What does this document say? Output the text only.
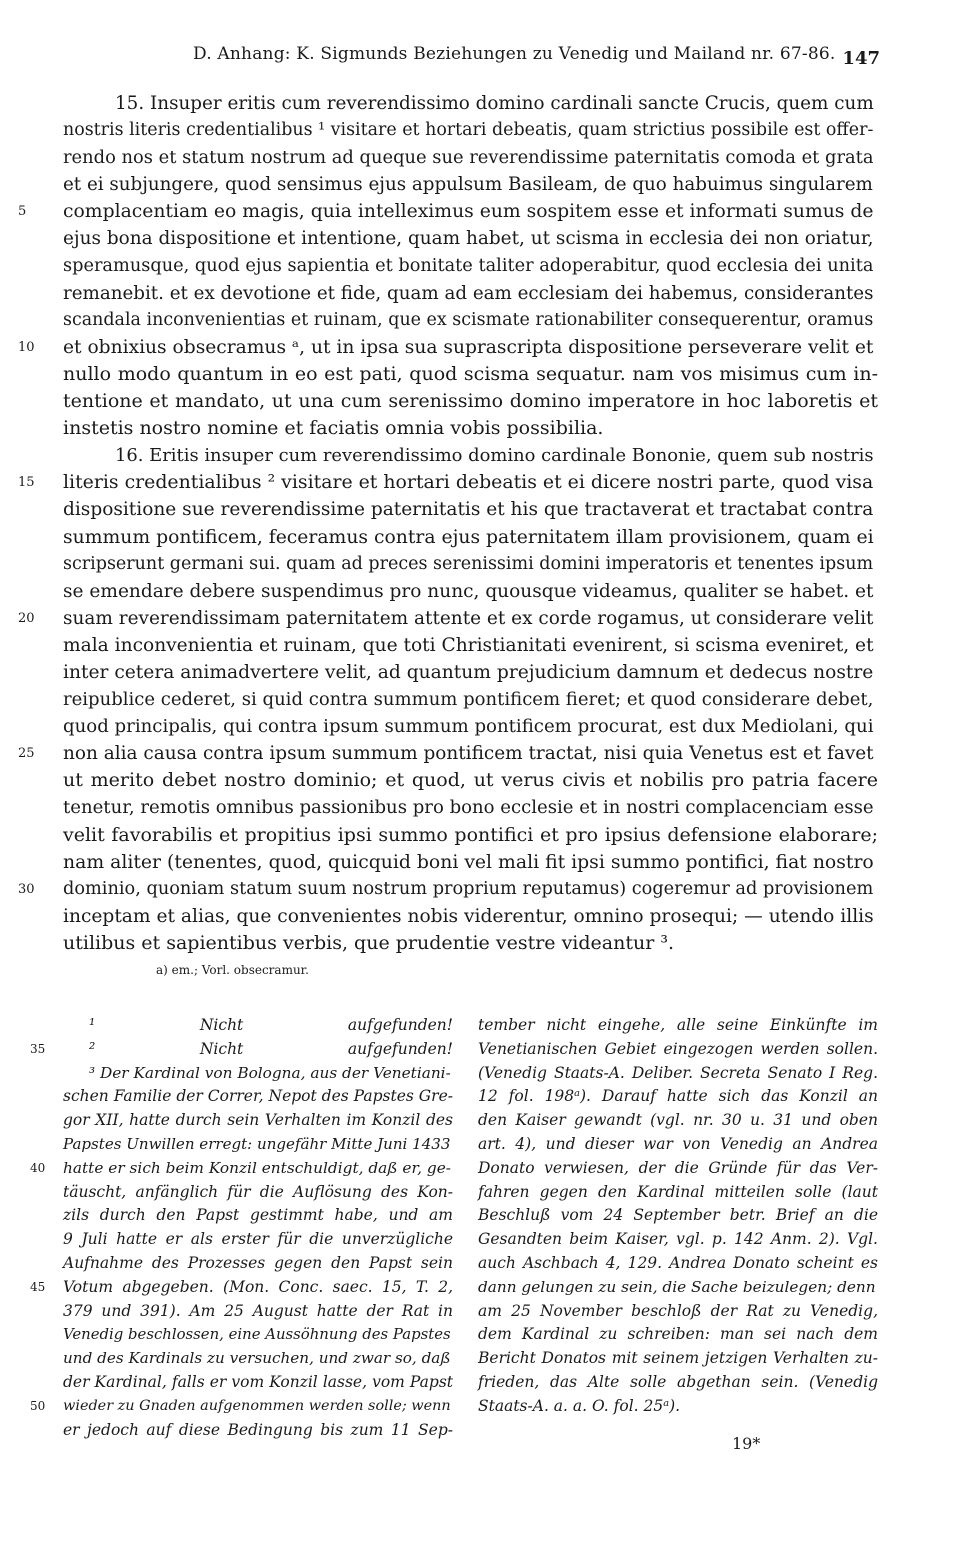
D. Anhang: K. Sigmunds Beziehungen zu Venedig und Mailand nr. 67-86. 147
15. Insuper eritis cum reverendissimo domino cardinali sancte Crucis, quem cum
nostris literis credentialibus ¹ visitare et hortari debeatis, quam strictius possibile est offer-
rendo nos et statum nostrum ad queque sue reverendissime paternitatis comoda et grata
et ei subjungere, quod sensimus ejus appulsum Basileam, de quo habuimus singularem
5	complacentiam eo magis, quia intelleximus eum sospitem esse et informati sumus de
ejus bona dispositione et intentione, quam habet, ut scisma in ecclesia dei non oriatur,
speramusque, quod ejus sapientia et bonitate taliter adoperabitur, quod ecclesia dei unita
remanebit. et ex devotione et fide, quam ad eam ecclesiam dei habemus, considerantes
scandala inconvenientias et ruinam, que ex scismate rationabiliter consequerentur, oramus
10	et obnixius obsecramus ᵃ, ut in ipsa sua suprascripta dispositione perseverare velit et
nullo modo quantum in eo est pati, quod scisma sequatur. nam vos misimus cum in-
tentione et mandato, ut una cum serenissimo domino imperatore in hoc laboretis et
instetis nostro nomine et faciatis omnia vobis possibilia.
16. Eritis insuper cum reverendissimo domino cardinale Bononie, quem sub nostris
15	literis credentialibus ² visitare et hortari debeatis et ei dicere nostri parte, quod visa
dispositione sue reverendissime paternitatis et his que tractaverat et tractabat contra
summum pontificem, feceramus contra ejus paternitatem illam provisionem, quam ei
scripserunt germani sui. quam ad preces serenissimi domini imperatoris et tenentes ipsum
se emendare debere suspendimus pro nunc, quousque videamus, qualiter se habet. et
20	suam reverendissimam paternitatem attente et ex corde rogamus, ut considerare velit
mala inconvenientia et ruinam, que toti Christianitati evenirent, si scisma eveniret, et
inter cetera animadvertere velit, ad quantum prejudicium damnum et dedecus nostre
reipublice cederet, si quid contra summum pontificem fieret; et quod considerare debet,
quod principalis, qui contra ipsum summum pontificem procurat, est dux Mediolani, qui
25	non alia causa contra ipsum summum pontificem tractat, nisi quia Venetus est et favet
ut merito debet nostro dominio; et quod, ut verus civis et nobilis pro patria facere
tenetur, remotis omnibus passionibus pro bono ecclesie et in nostri complacenciam esse
velit favorabilis et propitius ipsi summo pontifici et pro ipsius defensione elaborare;
nam aliter (tenentes, quod, quicquid boni vel mali fit ipsi summo pontifici, fiat nostro
30	dominio, quoniam statum suum nostrum proprium reputamus) cogeremur ad provisionem
inceptam et alias, que convenientes nobis viderentur, omnino prosequi; — utendo illis
utilibus et sapientibus verbis, que prudentie vestre videantur ³.
a) em.; Vorl. obsecramur.
¹ Nicht aufgefunden!
35	² Nicht aufgefunden!
³ Der Kardinal von Bologna, aus der Venetiani-
schen Familie der Correr, Nepot des Papstes Gre-
gor XII, hatte durch sein Verhalten im Konzil des
Papstes Unwillen erregt: ungefähr Mitte Juni 1433
40 hatte er sich beim Konzil entschuldigt, daß er, ge-
täuscht, anfänglich für die Auflösung des Kon-
zils durch den Papst gestimmt habe, und am
9 Juli hatte er als erster für die unverzügliche
Aufnahme des Prozesses gegen den Papst sein
45 Votum abgegeben. (Mon. Conc. saec. 15, T. 2,
379 und 391). Am 25 August hatte der Rat in
Venedig beschlossen, eine Aussöhnung des Papstes
und des Kardinals zu versuchen, und zwar so, daß
der Kardinal, falls er vom Konzil lasse, vom Papst
50 wieder zu Gnaden aufgenommen werden solle; wenn
er jedoch auf diese Bedingung bis zum 11 Sep-
tember nicht eingehe, alle seine Einkünfte im
Venetianischen Gebiet eingezogen werden sollen.
(Venedig Staats-A. Deliber. Secreta Senato I Reg.
12 fol. 198ᵃ). Darauf hatte sich das Konzil an
den Kaiser gewandt (vgl. nr. 30 u. 31 und oben
art. 4), und dieser war von Venedig an Andrea
Donato verwiesen, der die Gründe für das Ver-
fahren gegen den Kardinal mitteilen solle (laut
Beschluß vom 24 September betr. Brief an die
Gesandten beim Kaiser, vgl. p. 142 Anm. 2). Vgl.
auch Aschbach 4, 129. Andrea Donato scheint es
dann gelungen zu sein, die Sache beizulegen; denn
am 25 November beschloß der Rat zu Venedig,
dem Kardinal zu schreiben: man sei nach dem
Bericht Donatos mit seinem jetzigen Verhalten zu-
frieden, das Alte solle abgethan sein. (Venedig
Staats-A. a. a. O. fol. 25ᵃ).
19*
